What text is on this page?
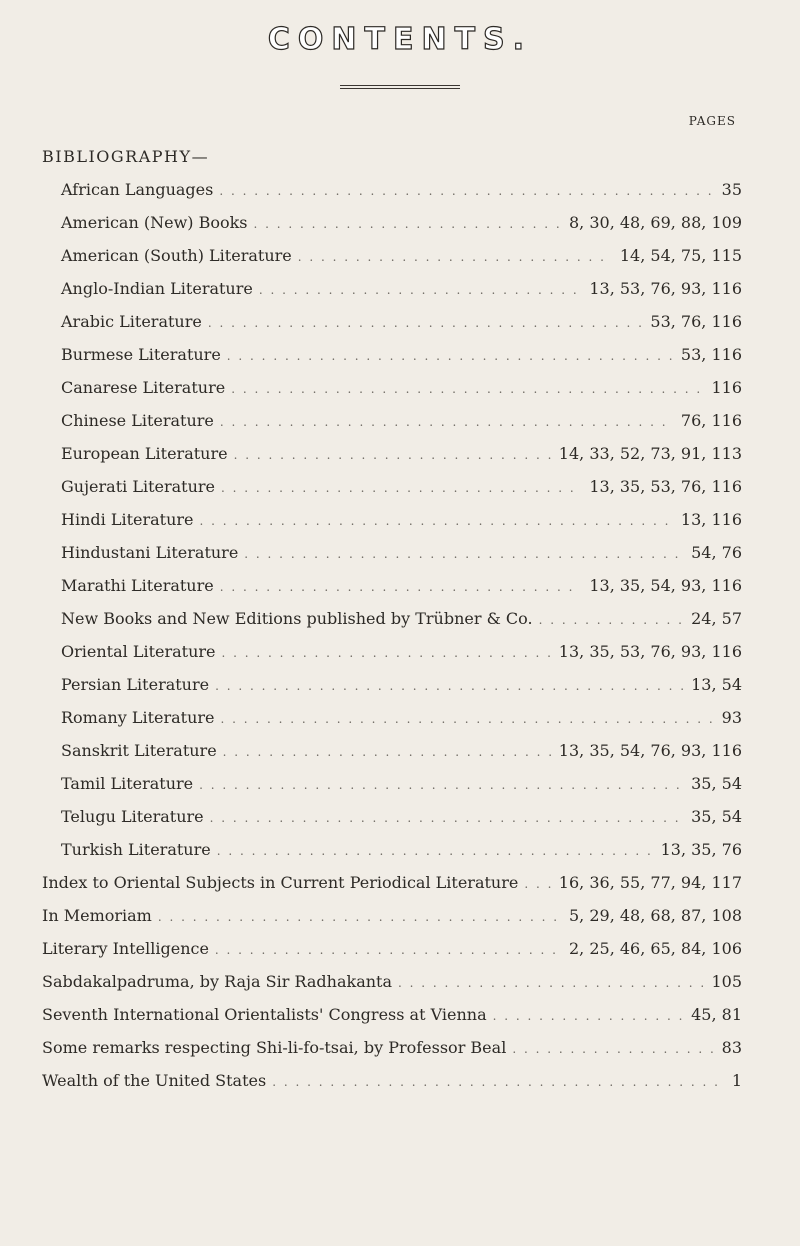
CONTENTS.
PAGES
BIBLIOGRAPHY—
African Languages . . .	35
American (New) Books . . .	8, 30, 48, 69, 88, 109
American (South) Literature . . .	14, 54, 75, 115
Anglo-Indian Literature . . .	13, 53, 76, 93, 116
Arabic Literature . . .	53, 76, 116
Burmese Literature . . .	53, 116
Canarese Literature . . .	116
Chinese Literature . . .	76, 116
European Literature . . .	14, 33, 52, 73, 91, 113
Gujerati Literature . . .	13, 35, 53, 76, 116
Hindi Literature . . .	13, 116
Hindustani Literature . . .	54, 76
Marathi Literature . . .	13, 35, 54, 93, 116
New Books and New Editions published by Trübner & Co. . . .	24, 57
Oriental Literature . . .	13, 35, 53, 76, 93, 116
Persian Literature . . .	13, 54
Romany Literature . . .	93
Sanskrit Literature . . .	13, 35, 54, 76, 93, 116
Tamil Literature . . .	35, 54
Telugu Literature . . .	35, 54
Turkish Literature . . .	13, 35, 76
Index to Oriental Subjects in Current Periodical Literature . . .	16, 36, 55, 77, 94, 117
In Memoriam . . .	5, 29, 48, 68, 87, 108
Literary Intelligence . . .	2, 25, 46, 65, 84, 106
Sabdakalpadruma, by Raja Sir Radhakanta . . .	105
Seventh International Orientalists' Congress at Vienna . . .	45, 81
Some remarks respecting Shi-li-fo-tsai, by Professor Beal . . .	83
Wealth of the United States . . .	1
